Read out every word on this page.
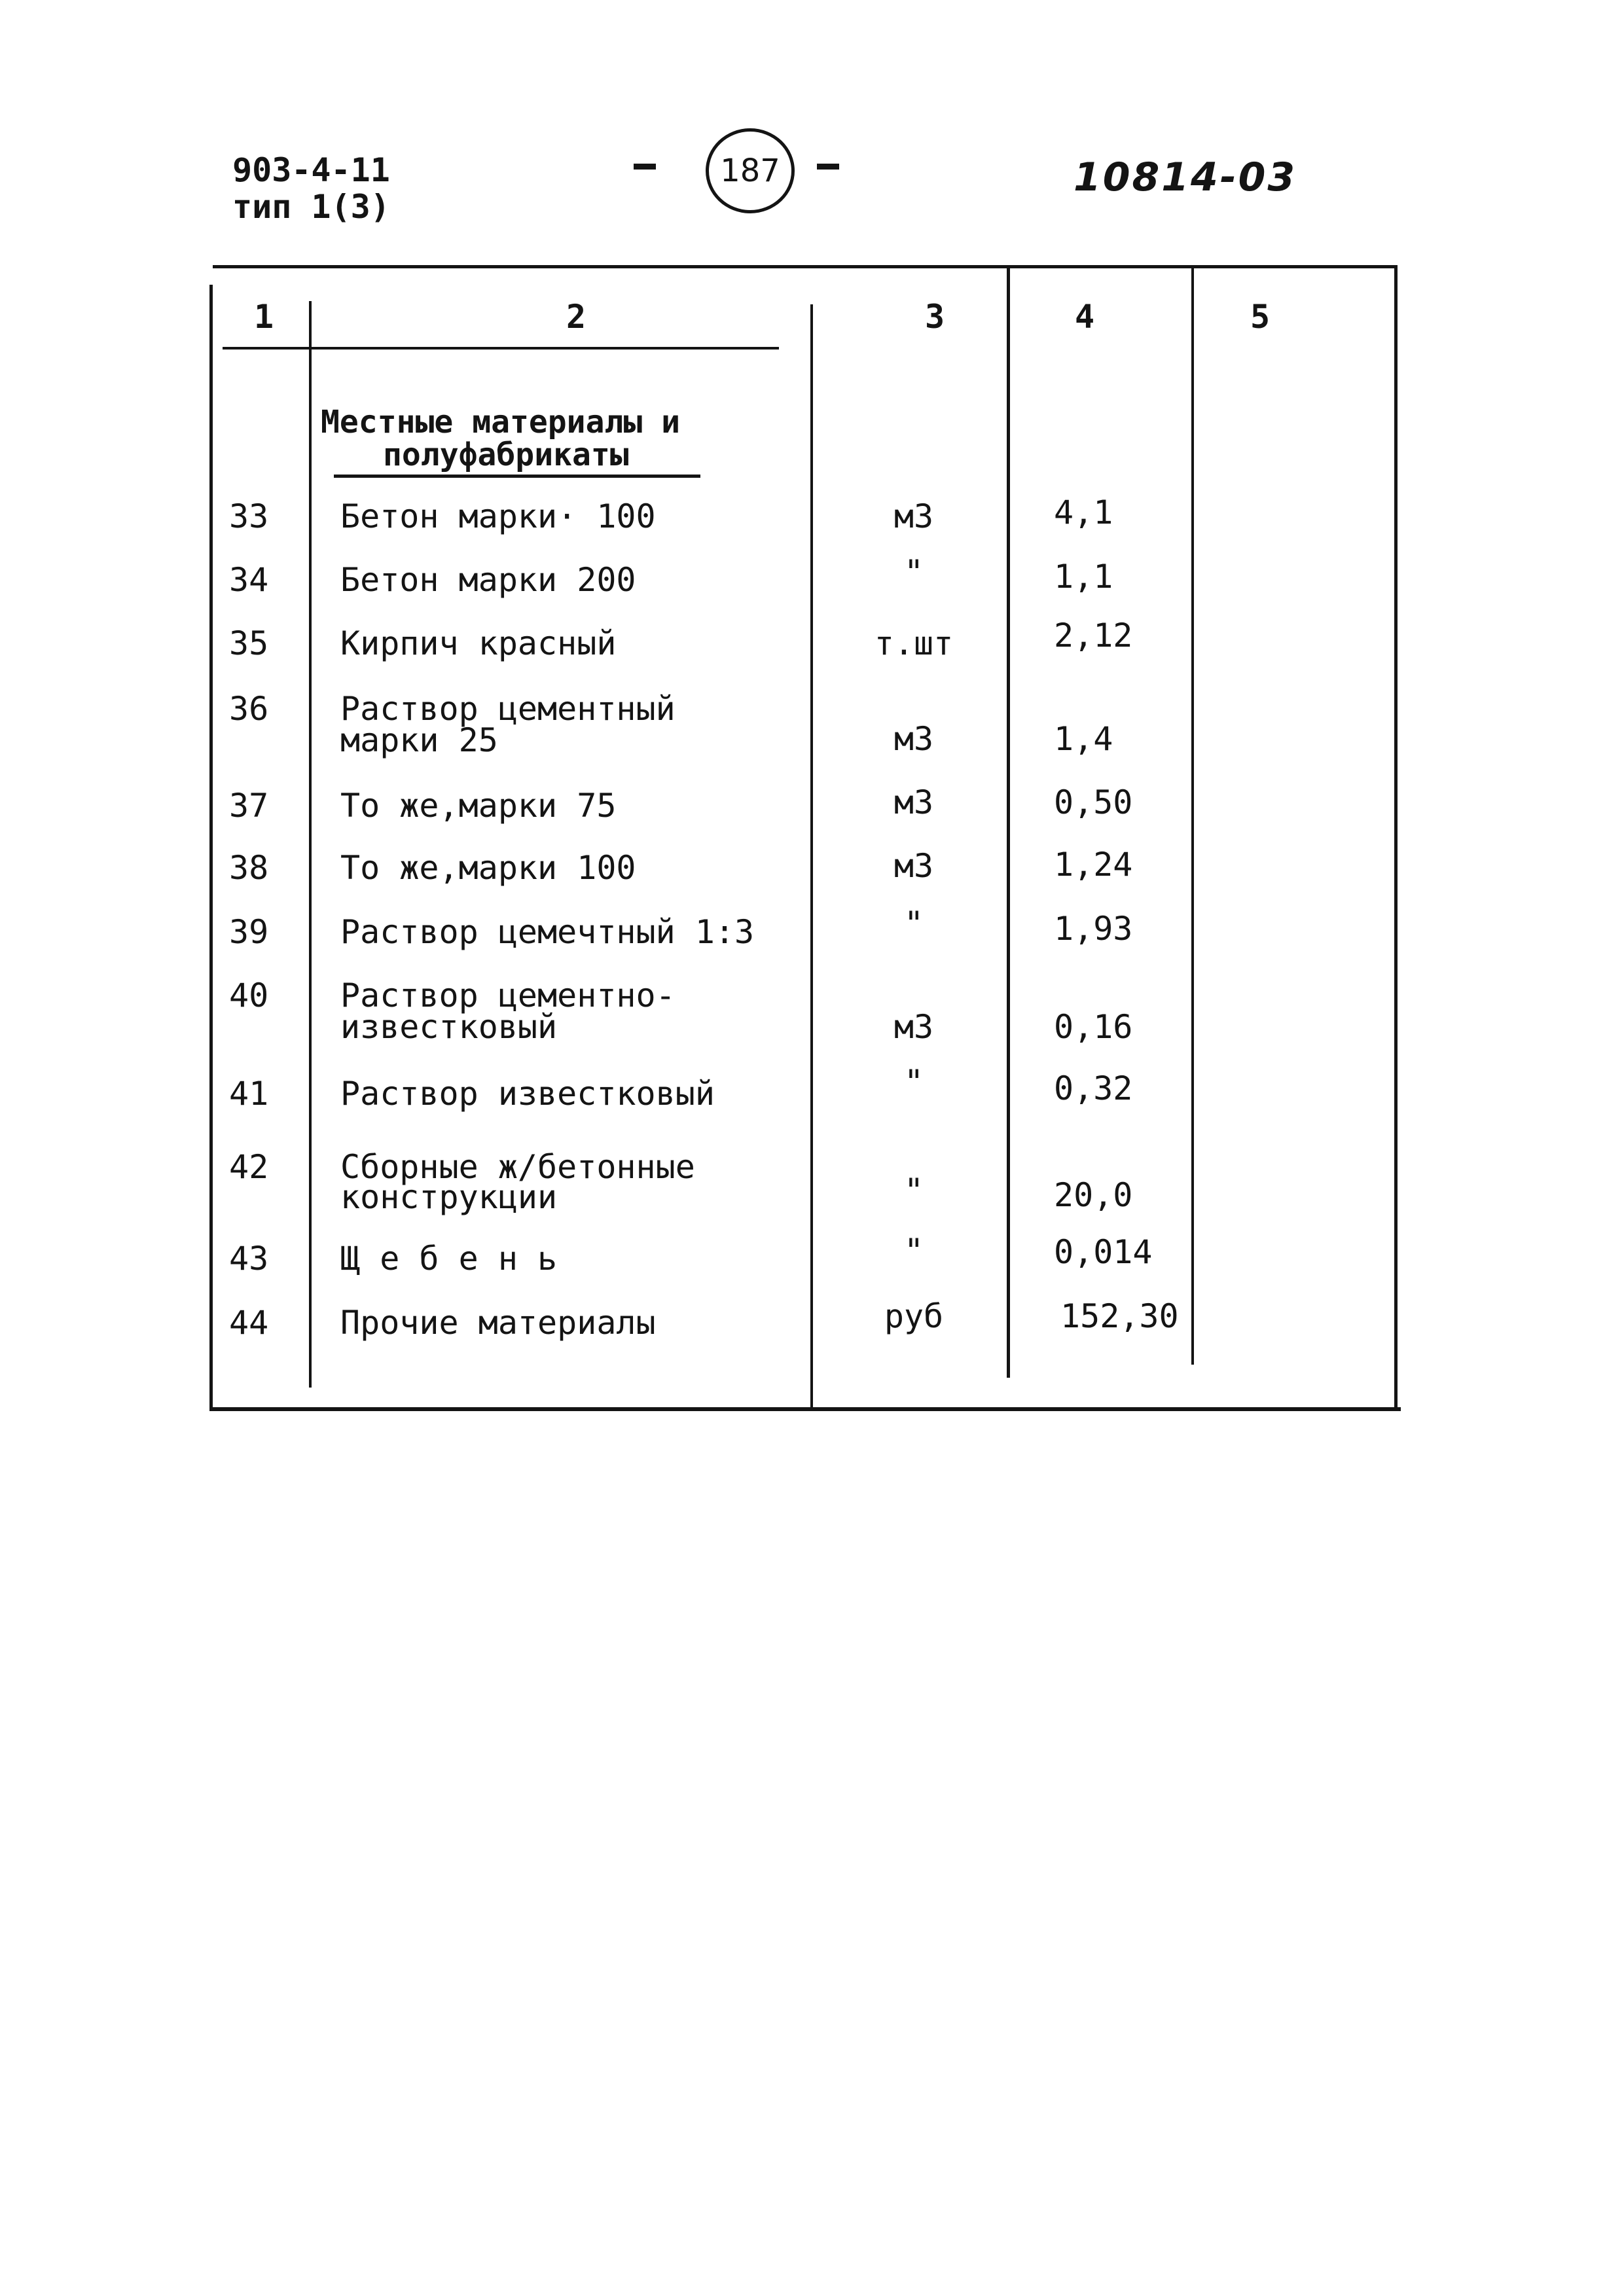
903-4-11
тип 1(3)
187	10814-03
1	2	3	4	5
Местные материалы и
полуфабрикаты
33	Бетон марки· 100	м3	4,1
34	Бетон марки 200	"	1,1
35	Кирпич красный	т.шт	2,12
36	Раствор цементный
марки 25	м3	1,4
37	То же,марки 75	м3	0,50
38	То же,марки 100	м3	1,24
39	Раствор цемечтный 1:3	"	1,93
40	Раствор цементно-
известковый	м3	0,16
41	Раствор известковый	"	0,32
42	Сборные ж/бетонные
конструкции	"	20,0
43	Щ е б е н ь	"	0,014
44	Прочие материалы	руб	152,30
